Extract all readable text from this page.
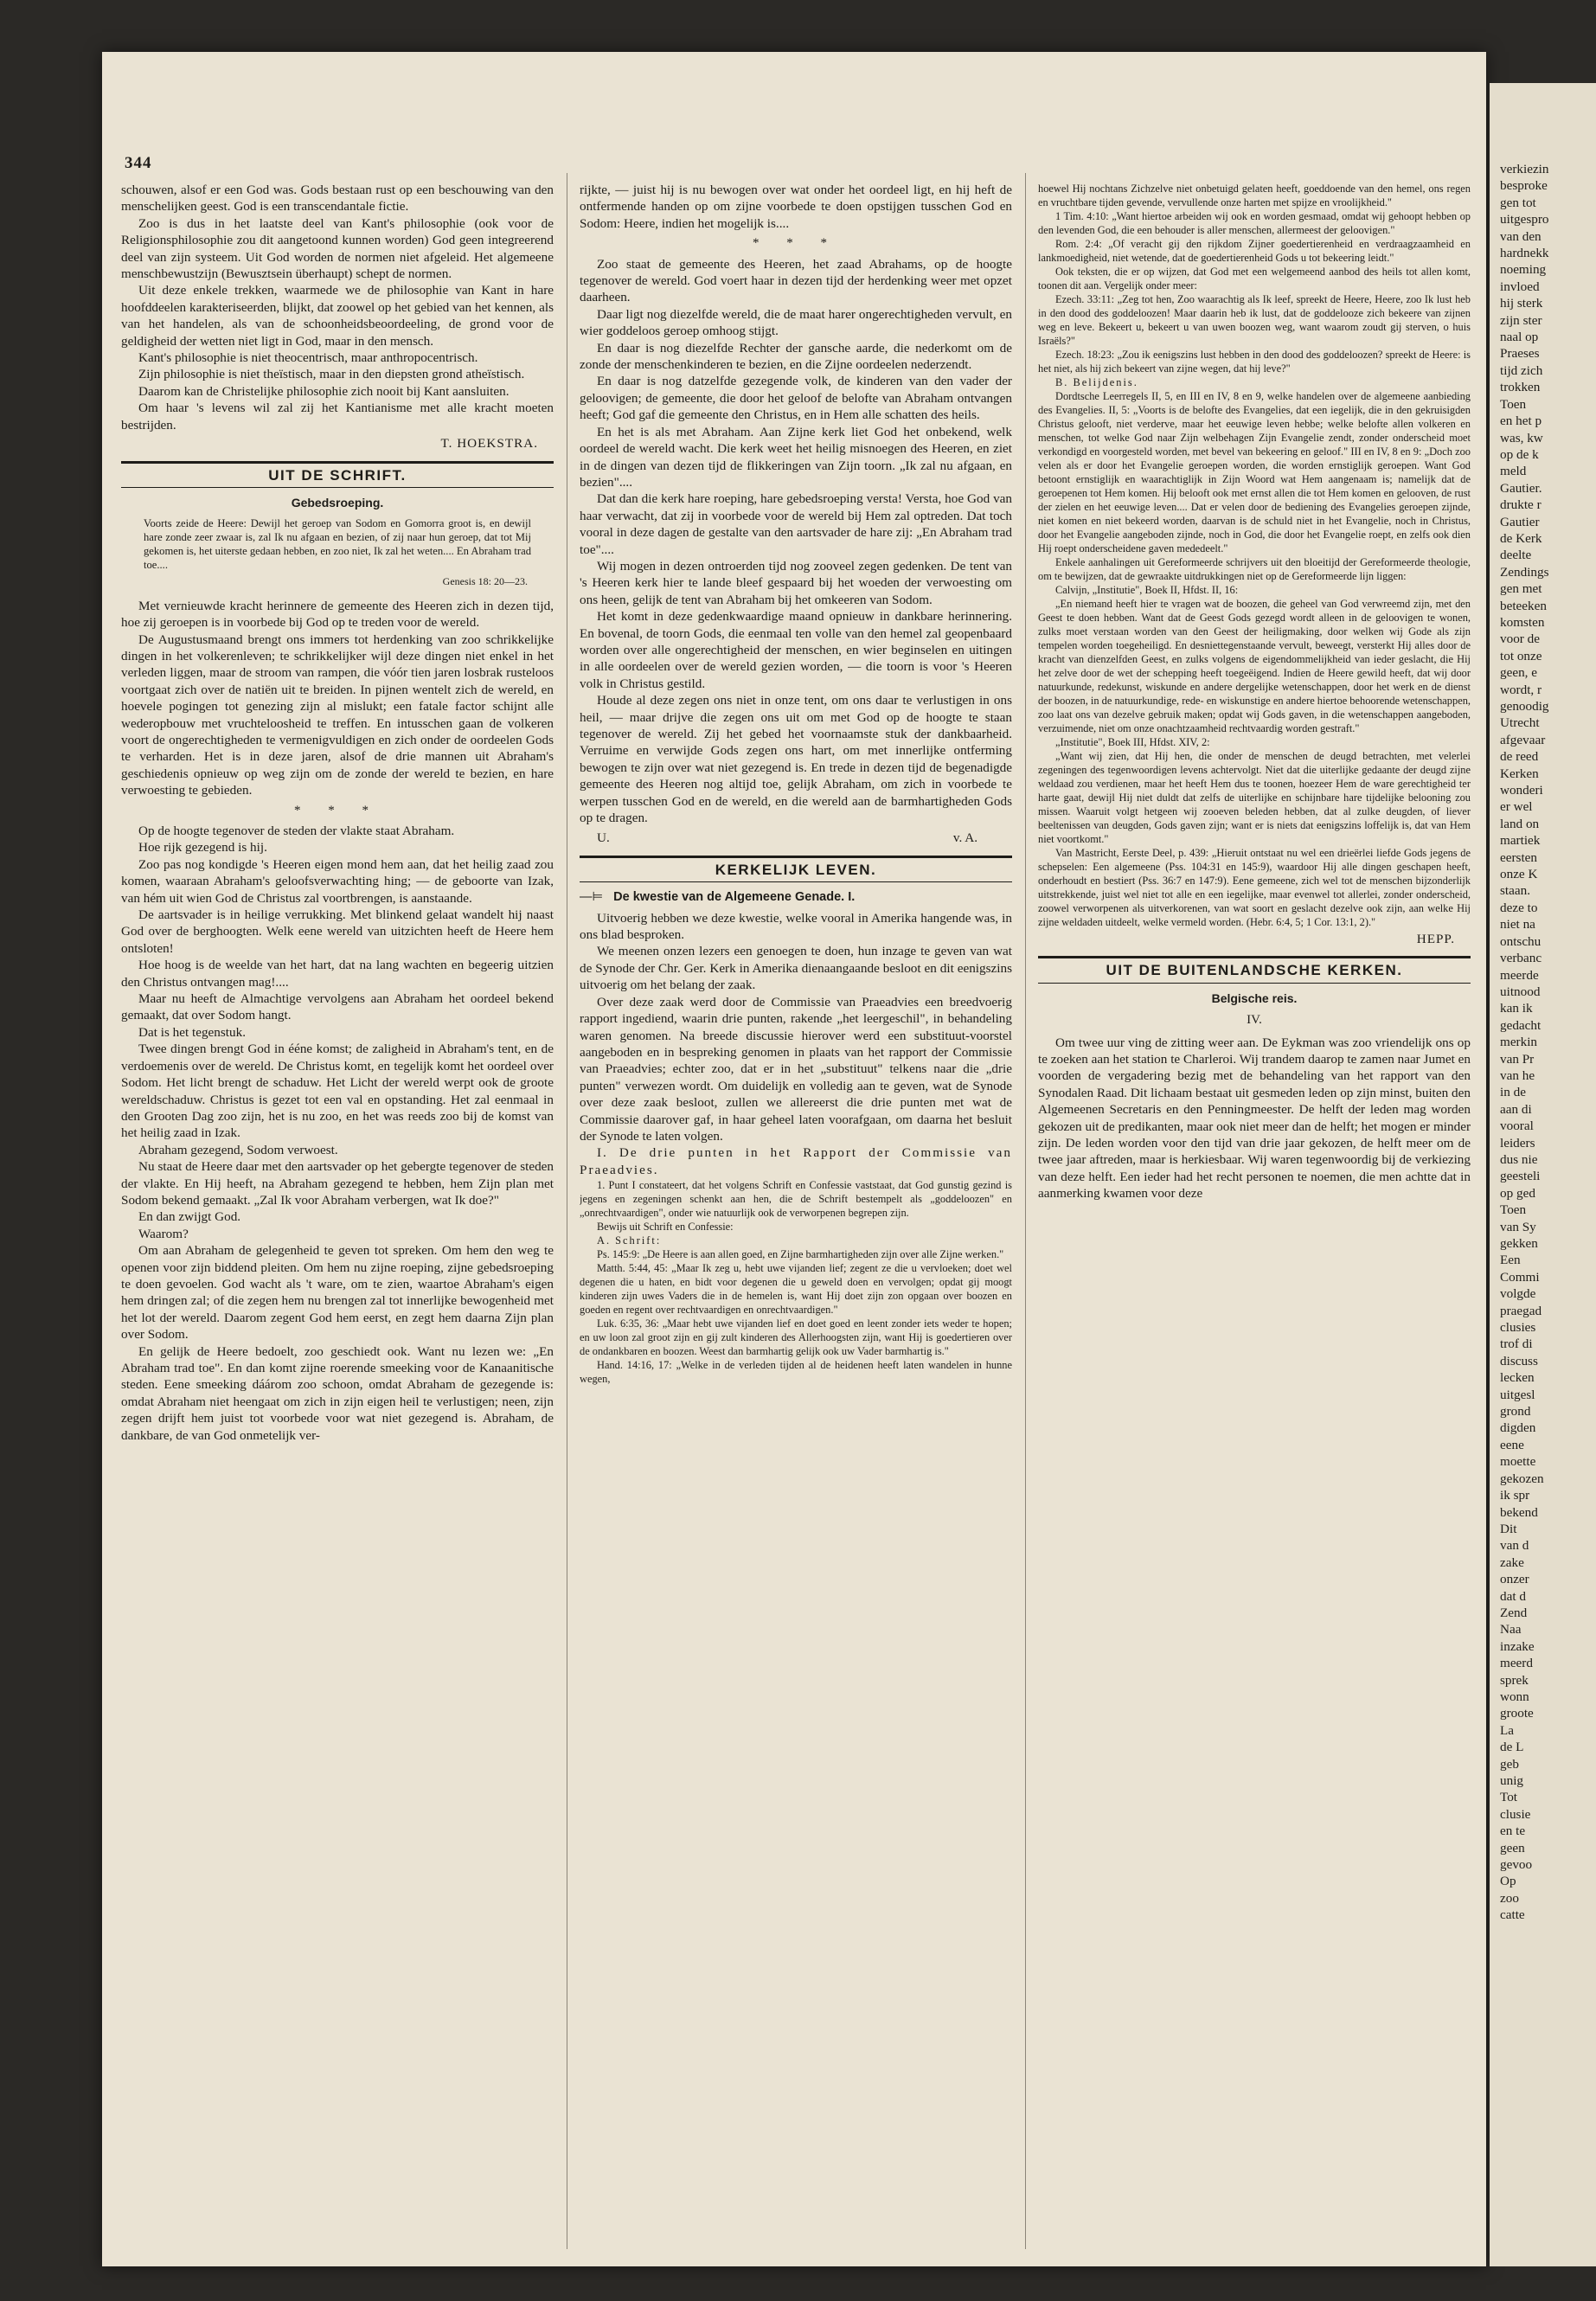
344

schouwen, alsof er een God was. Gods bestaan rust op een beschouwing van den menschelijken geest. God is een transcendantale fictie.

Zoo is dus in het laatste deel van Kant's philosophie (ook voor de Religionsphilosophie zou dit aangetoond kunnen worden) God geen integreerend deel van zijn systeem. Uit God worden de normen niet afgeleid. Het algemeene menschbewustzijn (Bewusztsein überhaupt) schept de normen.

Uit deze enkele trekken, waarmede we de philosophie van Kant in hare hoofddeelen karakteriseerden, blijkt, dat zoowel op het gebied van het kennen, als van het handelen, als van de schoonheidsbeoordeeling, de grond voor de geldigheid der wetten niet ligt in God, maar in den mensch.

Kant's philosophie is niet theocentrisch, maar anthropocentrisch.

Zijn philosophie is niet theïstisch, maar in den diepsten grond atheïstisch.

Daarom kan de Christelijke philosophie zich nooit bij Kant aansluiten.

Om haar 's levens wil zal zij het Kantianisme met alle kracht moeten bestrijden.

T. HOEKSTRA.
UIT DE SCHRIFT.
Gebedsroeping.

Voorts zeide de Heere: Dewijl het geroep van Sodom en Gomorra groot is, en dewijl hare zonde zeer zwaar is, zal Ik nu afgaan en bezien, of zij naar hun geroep, dat tot Mij gekomen is, het uiterste gedaan hebben, en zoo niet, Ik zal het weten.... En Abraham trad toe....

Genesis 18: 20—23.

Met vernieuwde kracht herinnere de gemeente des Heeren zich in dezen tijd, hoe zij geroepen is in voorbede bij God op te treden voor de wereld.

De Augustusmaand brengt ons immers tot herdenking van zoo schrikkelijke dingen in het volkerenleven; te schrikkelijker wijl deze dingen niet enkel in het verleden liggen, maar de stroom van rampen, die vóór tien jaren losbrak rusteloos voortgaat zich over de natiën uit te breiden. In pijnen wentelt zich de wereld, en hoevele pogingen tot genezing zijn al mislukt; een fatale factor schijnt alle wederopbouw met vruchteloosheid te treffen. En intusschen gaan de volkeren voort de ongerechtigheden te vermenigvuldigen en zich onder de oordeelen Gods te verharden. Het is in deze jaren, alsof de drie mannen uit Abraham's geschiedenis opnieuw op weg zijn om de zonde der wereld te bezien, en hare verwoesting te gebieden.

* * *

Op de hoogte tegenover de steden der vlakte staat Abraham.

Hoe rijk gezegend is hij.

Zoo pas nog kondigde 's Heeren eigen mond hem aan, dat het heilig zaad zou komen, waaraan Abraham's geloofsverwachting hing; — de geboorte van Izak, van hém uit wien God de Christus zal voortbrengen, is aanstaande.

De aartsvader is in heilige verrukking. Met blinkend gelaat wandelt hij naast God over de berghoogten. Welk eene wereld van uitzichten heeft de Heere hem ontsloten!

Hoe hoog is de weelde van het hart, dat na lang wachten en begeerig uitzien den Christus ontvangen mag!....

Maar nu heeft de Almachtige vervolgens aan Abraham het oordeel bekend gemaakt, dat over Sodom hangt.

Dat is het tegenstuk.

Twee dingen brengt God in ééne komst; de zaligheid in Abraham's tent, en de verdoemenis over de wereld. De Christus komt, en tegelijk komt het oordeel over Sodom. Het licht brengt de schaduw. Het Licht der wereld werpt ook de groote wereldschaduw. Christus is gezet tot een val en opstanding. Het zal eenmaal in den Grooten Dag zoo zijn, het is nu zoo, en het was reeds zoo bij de komst van het heilig zaad in Izak.

Abraham gezegend, Sodom verwoest.

Nu staat de Heere daar met den aartsvader op het gebergte tegenover de steden der vlakte. En Hij heeft, na Abraham gezegend te hebben, hem Zijn plan met Sodom bekend gemaakt. „Zal Ik voor Abraham verbergen, wat Ik doe?"

En dan zwijgt God.

Waarom?

Om aan Abraham de gelegenheid te geven tot spreken. Om hem den weg te openen voor zijn biddend pleiten. Om hem nu zijne roeping, zijne gebedsroeping te doen gevoelen. God wacht als 't ware, om te zien, waartoe Abraham's eigen hem dringen zal; of die zegen hem nu brengen zal tot innerlijke bewogenheid met het lot der wereld. Daarom zegent God hem eerst, en zegt hem daarna Zijn plan over Sodom.

En gelijk de Heere bedoelt, zoo geschiedt ook. Want nu lezen we: „En Abraham trad toe". En dan komt zijne roerende smeeking voor de Kanaanitische steden. Eene smeeking dáárom zoo schoon, omdat Abraham de gezegende is: omdat Abraham niet heengaat om zich in zijn eigen heil te verlustigen; neen, zijn zegen drijft hem juist tot voorbede voor wat niet gezegend is. Abraham, de dankbare, de van God onmetelijk ver-

rijkte, — juist hij is nu bewogen over wat onder het oordeel ligt, en hij heft de ontfermende handen op om zijne voorbede te doen opstijgen tusschen God en Sodom: Heere, indien het mogelijk is....

* * *

Zoo staat de gemeente des Heeren, het zaad Abrahams, op de hoogte tegenover de wereld. God voert haar in dezen tijd der herdenking weer met opzet daarheen.

Daar ligt nog diezelfde wereld, die de maat harer ongerechtigheden vervult, en wier goddeloos geroep omhoog stijgt.

En daar is nog diezelfde Rechter der gansche aarde, die nederkomt om de zonde der menschenkinderen te bezien, en die Zijne oordeelen nederzendt.

En daar is nog datzelfde gezegende volk, de kinderen van den vader der geloovigen; de gemeente, die door het geloof de belofte van Abraham ontvangen heeft; God gaf die gemeente den Christus, en in Hem alle schatten des heils.

En het is als met Abraham. Aan Zijne kerk liet God het onbekend, welk oordeel de wereld wacht. Die kerk weet het heilig misnoegen des Heeren, en ziet in de dingen van dezen tijd de flikkeringen van Zijn toorn. „Ik zal nu afgaan, en bezien"....

Dat dan die kerk hare roeping, hare gebedsroeping versta! Versta, hoe God van haar verwacht, dat zij in voorbede voor de wereld bij Hem zal optreden. Dat toch vooral in deze dagen de gestalte van den aartsvader de hare zij: „En Abraham trad toe"....

Wij mogen in dezen ontroerden tijd nog zooveel zegen gedenken. De tent van 's Heeren kerk hier te lande bleef gespaard bij het woeden der verwoesting om ons heen, gelijk de tent van Abraham bij het omkeeren van Sodom.

Het komt in deze gedenkwaardige maand opnieuw in dankbare herinnering. En bovenal, de toorn Gods, die eenmaal ten volle van den hemel zal geopenbaard worden over alle ongerechtigheid der menschen, en wier beginselen en uitingen in alle oordeelen over de wereld gezien worden, — die toorn is voor 's Heeren volk in Christus gestild.

Houde al deze zegen ons niet in onze tent, om ons daar te verlustigen in ons heil, — maar drijve die zegen ons uit om met God op de hoogte te staan tegenover de wereld. Zij het gebed het voornaamste stuk der dankbaarheid. Verruime en verwijde Gods zegen ons hart, om met innerlijke ontferming bewogen te zijn over wat niet gezegend is. En trede in dezen tijd de begenadigde gemeente des Heeren nog altijd toe, gelijk Abraham, om zich in voorbede te werpen tusschen God en de wereld, en die wereld aan de barmhartigheden Gods op te dragen.

U.	v. A.
KERKELIJK LEVEN.
—⊨ De kwestie van de Algemeene Genade. I.

Uitvoerig hebben we deze kwestie, welke vooral in Amerika hangende was, in ons blad besproken.

We meenen onzen lezers een genoegen te doen, hun inzage te geven van wat de Synode der Chr. Ger. Kerk in Amerika dienaangaande besloot en dit eenigszins uitvoerig om het belang der zaak.

Over deze zaak werd door de Commissie van Praeadvies een breedvoerig rapport ingediend, waarin drie punten, rakende „het leergeschil", in behandeling waren genomen. Na breede discussie hierover werd een substituut-voorstel aangeboden en in bespreking genomen in plaats van het rapport der Commissie van Praeadvies; echter zoo, dat er in het „substituut" telkens naar die „drie punten" verwezen wordt. Om duidelijk en volledig aan te geven, wat de Synode over deze zaak besloot, zullen we allereerst die drie punten met wat de Commissie daarover gaf, in haar geheel laten voorafgaan, om daarna het besluit der Synode te laten volgen.

I. De drie punten in het Rapport der Commissie van Praeadvies.

1. Punt I constateert, dat het volgens Schrift en Confessie vaststaat, dat God gunstig gezind is jegens en zegeningen schenkt aan hen, die de Schrift bestempelt als „goddeloozen" en „onrechtvaardigen", onder wie natuurlijk ook de verworpenen begrepen zijn.

Bewijs uit Schrift en Confessie:

A. Schrift:

Ps. 145:9: „De Heere is aan allen goed, en Zijne barmhartigheden zijn over alle Zijne werken."

Matth. 5:44, 45: „Maar Ik zeg u, hebt uwe vijanden lief; zegent ze die u vervloeken; doet wel degenen die u haten, en bidt voor degenen die u geweld doen en vervolgen; opdat gij moogt kinderen zijn uwes Vaders die in de hemelen is, want Hij doet zijn zon opgaan over boozen en goeden en regent over rechtvaardigen en onrechtvaardigen."

Luk. 6:35, 36: „Maar hebt uwe vijanden lief en doet goed en leent zonder iets weder te hopen; en uw loon zal groot zijn en gij zult kinderen des Allerhoogsten zijn, want Hij is goedertieren over de ondankbaren en boozen. Weest dan barmhartig gelijk ook uw Vader barmhartig is."

Hand. 14:16, 17: „Welke in de verleden tijden al de heidenen heeft laten wandelen in hunne wegen,

hoewel Hij nochtans Zichzelve niet onbetuigd gelaten heeft, goeddoende van den hemel, ons regen en vruchtbare tijden gevende, vervullende onze harten met spijze en vroolijkheid."

1 Tim. 4:10: „Want hiertoe arbeiden wij ook en worden gesmaad, omdat wij gehoopt hebben op den levenden God, die een behouder is aller menschen, allermeest der geloovigen."

Rom. 2:4: „Of veracht gij den rijkdom Zijner goedertierenheid en verdraagzaamheid en lankmoedigheid, niet wetende, dat de goedertierenheid Gods u tot bekeering leidt."

Ook teksten, die er op wijzen, dat God met een welgemeend aanbod des heils tot allen komt, toonen dit aan. Vergelijk onder meer:

Ezech. 33:11: „Zeg tot hen, Zoo waarachtig als Ik leef, spreekt de Heere, Heere, zoo Ik lust heb in den dood des goddeloozen! Maar daarin heb ik lust, dat de goddelooze zich bekeere van zijnen weg en leve. Bekeert u, bekeert u van uwen boozen weg, want waarom zoudt gij sterven, o huis Israëls?"

Ezech. 18:23: „Zou ik eenigszins lust hebben in den dood des goddeloozen? spreekt de Heere: is het niet, als hij zich bekeert van zijne wegen, dat hij leve?"

B. Belijdenis.

Dordtsche Leerregels II, 5, en III en IV, 8 en 9, welke handelen over de algemeene aanbieding des Evangelies. II, 5: „Voorts is de belofte des Evangelies, dat een iegelijk, die in den gekruisigden Christus gelooft, niet verderve, maar het eeuwige leven hebbe; welke belofte allen volkeren en menschen, tot welke God naar Zijn welbehagen Zijn Evangelie zendt, zonder onderscheid moet verkondigd en voorgesteld worden, met bevel van bekeering en geloof." III en IV, 8 en 9: „Doch zoo velen als er door het Evangelie geroepen worden, die worden ernstiglijk geroepen. Want God betoont ernstiglijk en waarachtiglijk in Zijn Woord wat Hem aangenaam is; namelijk dat de geroepenen tot Hem komen. Hij belooft ook met ernst allen die tot Hem komen en gelooven, de rust der zielen en het eeuwige leven.... Dat er velen door de bediening des Evangelies geroepen zijnde, niet komen en niet bekeerd worden, daarvan is de schuld niet in het Evangelie, noch in Christus, door het Evangelie aangeboden zijnde, noch in God, die door het Evangelie roept, en zelfs ook dien Hij roept onderscheidene gaven mededeelt."

Enkele aanhalingen uit Gereformeerde schrijvers uit den bloeitijd der Gereformeerde theologie, om te bewijzen, dat de gewraakte uitdrukkingen niet op de Gereformeerde lijn liggen:

Calvijn, „Institutie", Boek II, Hfdst. II, 16:

„En niemand heeft hier te vragen wat de boozen, die geheel van God verwreemd zijn, met den Geest te doen hebben. Want dat de Geest Gods gezegd wordt alleen in de geloovigen te wonen, zulks moet verstaan worden van den Geest der heiligmaking, door welken wij Gode als zijn tempelen worden toegeheiligd. En desniettegenstaande vervult, beweegt, versterkt Hij alles door de kracht van dienzelfden Geest, en zulks volgens de eigendommelijkheid van ieder geslacht, die Hij het zelve door de wet der schepping heeft toegeëigend. Indien de Heere gewild heeft, dat wij door natuurkunde, redekunst, wiskunde en andere dergelijke wetenschappen, door het werk en de dienst der boozen, in de natuurkundige, rede- en wiskunstige en andere hiertoe behoorende wetenschappen, zoo laat ons van dezelve gebruik maken; opdat wij Gods gaven, in die wetenschappen aangeboden, verzuimende, niet om onze onachtzaamheid rechtvaardig worden gestraft."

„Institutie", Boek III, Hfdst. XIV, 2:

„Want wij zien, dat Hij hen, die onder de menschen de deugd betrachten, met velerlei zegeningen des tegenwoordigen levens achtervolgt. Niet dat die uiterlijke gedaante der deugd zijne weldaad zou verdienen, maar het heeft Hem dus te toonen, hoezeer Hem de ware gerechtigheid ter harte gaat, dewijl Hij niet duldt dat zelfs de uiterlijke en schijnbare hare tijdelijke belooning zou missen. Waaruit volgt hetgeen wij zooeven beleden hebben, dat al zulke deugden, of liever beeltenissen van deugden, Gods gaven zijn; want er is niets dat eenigszins loffelijk is, dat van Hem niet voortkomt."

Van Mastricht, Eerste Deel, p. 439: „Hieruit ontstaat nu wel een drieërlei liefde Gods jegens de schepselen: Een algemeene (Pss. 104:31 en 145:9), waardoor Hij alle dingen geschapen heeft, onderhoudt en bestiert (Pss. 36:7 en 147:9). Eene gemeene, zich wel tot de menschen bijzonderlijk uitstrekkende, juist wel niet tot alle en een iegelijke, maar evenwel tot allerlei, zonder onderscheid, zoowel verworpenen als uitverkorenen, van wat soort en geslacht dezelve ook zijn, aan welke Hij zijne weldaden uitdeelt, welke vermeld worden. (Hebr. 6:4, 5; 1 Cor. 13:1, 2)."

HEPP.
UIT DE BUITENLANDSCHE KERKEN.
Belgische reis.
IV.

Om twee uur ving de zitting weer aan. De Eykman was zoo vriendelijk ons op te zoeken aan het station te Charleroi. Wij trandem daarop te zamen naar Jumet en voorden de vergadering bezig met de behandeling van het rapport van den Synodalen Raad. Dit lichaam bestaat uit gesmeden leden op zijn minst, buiten den Algemeenen Secretaris en den Penningmeester. De helft der leden mag worden gekozen uit de predikanten, maar ook niet meer dan de helft; het mogen er minder zijn. De leden worden voor den tijd van drie jaar gekozen, de helft meer om de twee jaar aftreden, maar is herkiesbaar. Wij waren tegenwoordig bij de verkiezing van deze helft. Een ieder had het recht personen te noemen, die men achtte dat in aanmerking kwamen voor deze

verkiezin

besproke

gen tot

uitgespro

van den

hardnekk

noeming

invloed

hij sterk

zijn ster

naal op

Praeses

tijd zich

trokken

Toen

en het p

was, kw

op de k

meld

Gautier.

drukte r

Gautier

de Kerk

deelte

Zendings

gen met

beteeken

komsten

voor de

tot onze

geen, e

wordt, r

genoodig

Utrecht

afgevaar

de reed

Kerken

wonderi

er wel

land on

martiek

eersten

onze K

staan.

deze to

niet na

ontschu

verbanc

meerde

uitnood

kan ik

gedacht

merkin

van Pr

van he

in de

aan di

vooral

leiders

dus nie

geesteli

op ged

Toen

van Sy

gekken

Een

Commi

volgde

praegad

clusies

trof di

discuss

lecken

uitgesl

grond

digden

eene

moette

gekozen

ik spr

bekend

Dit

van d

zake

onzer

dat d

Zend

Naa

inzake

meerd

sprek

wonn

groote

La

de L

geb

unig

Tot

clusie

en te

geen

gevoo

Op

zoo

catte
